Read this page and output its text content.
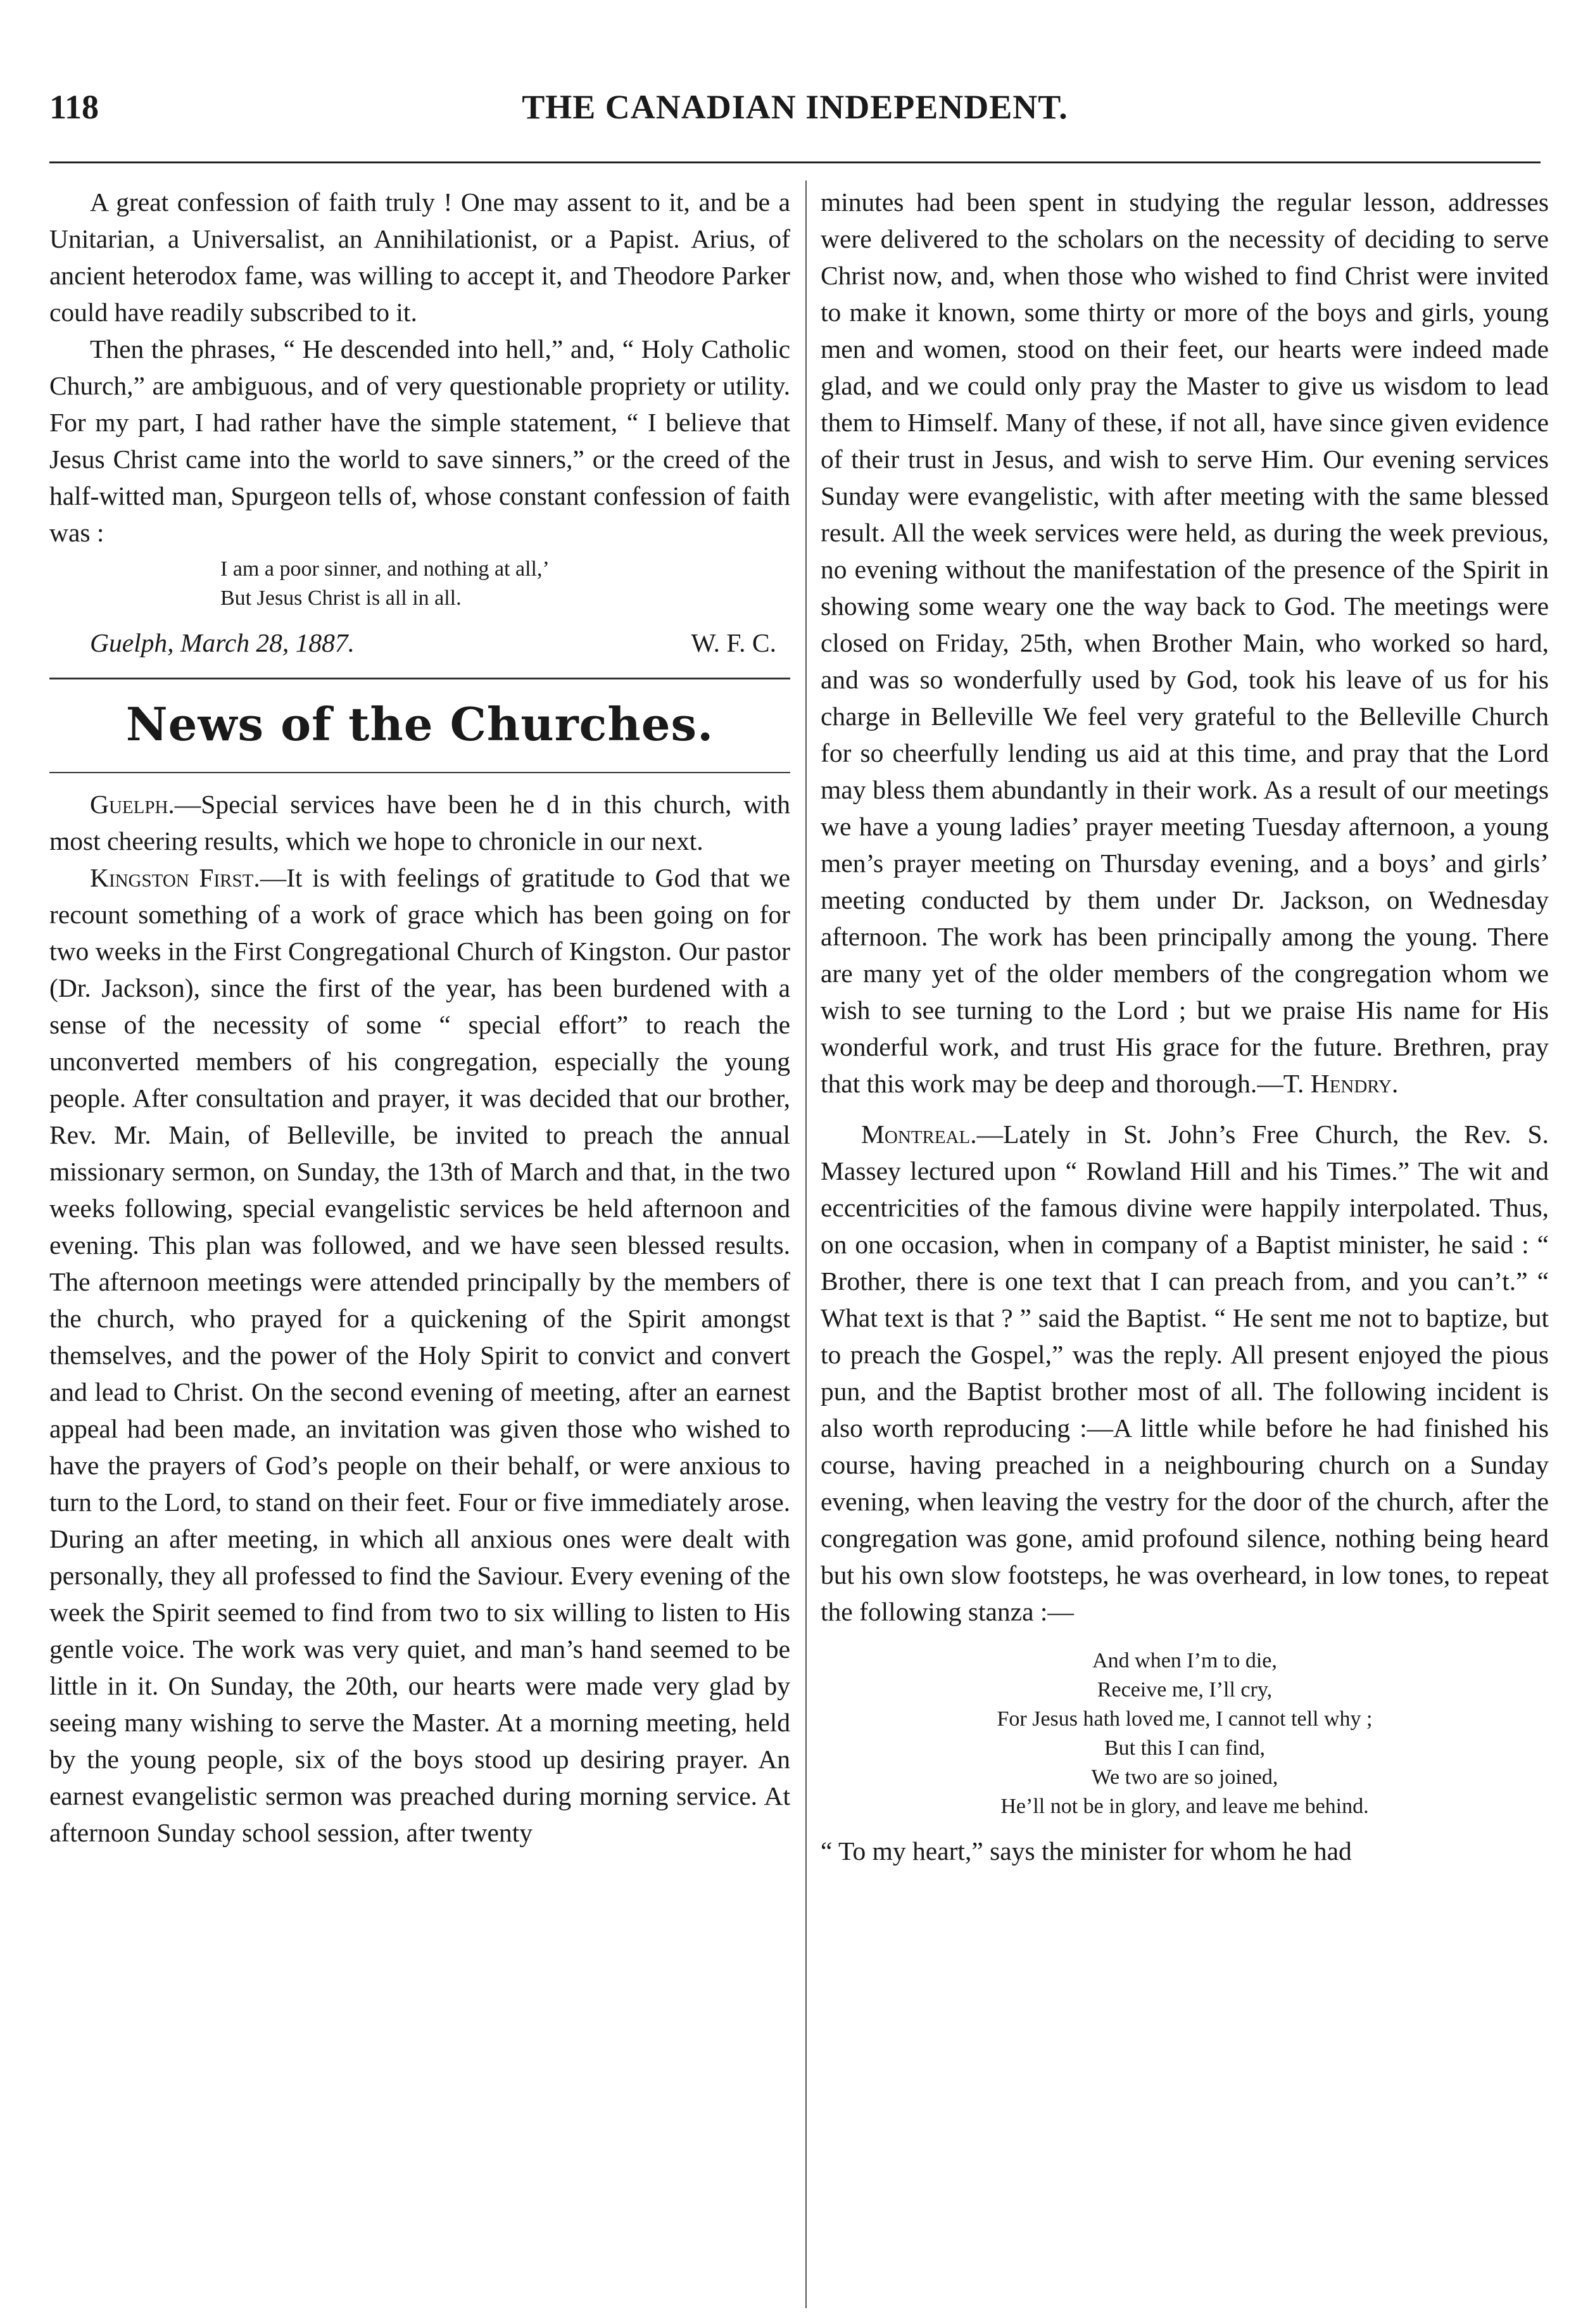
118	THE CANADIAN INDEPENDENT.

A great confession of faith truly ! One may assent to it, and be a Unitarian, a Universalist, an Annihilationist, or a Papist. Arius, of ancient heterodox fame, was willing to accept it, and Theodore Parker could have readily subscribed to it.

Then the phrases, “ He descended into hell,” and, “ Holy Catholic Church,” are ambiguous, and of very questionable propriety or utility. For my part, I had rather have the simple statement, “ I believe that Jesus Christ came into the world to save sinners,” or the creed of the half-witted man, Spurgeon tells of, whose constant confession of faith was :

I am a poor sinner, and nothing at all,’
But Jesus Christ is all in all.
Guelph, March 28, 1887.	W. F. C.
News of the Churches.

Guelph.—Special services have been he d in this church, with most cheering results, which we hope to chronicle in our next.

Kingston First.—It is with feelings of gratitude to God that we recount something of a work of grace which has been going on for two weeks in the First Congregational Church of Kingston. Our pastor (Dr. Jackson), since the first of the year, has been burdened with a sense of the necessity of some “ special effort” to reach the unconverted members of his congregation, especially the young people. After consultation and prayer, it was decided that our brother, Rev. Mr. Main, of Belleville, be invited to preach the annual missionary sermon, on Sunday, the 13th of March and that, in the two weeks following, special evangelistic services be held afternoon and evening. This plan was followed, and we have seen blessed results. The afternoon meetings were attended principally by the members of the church, who prayed for a quickening of the Spirit amongst themselves, and the power of the Holy Spirit to convict and convert and lead to Christ. On the second evening of meeting, after an earnest appeal had been made, an invitation was given those who wished to have the prayers of God’s people on their behalf, or were anxious to turn to the Lord, to stand on their feet. Four or five immediately arose. During an after meeting, in which all anxious ones were dealt with personally, they all professed to find the Saviour. Every evening of the week the Spirit seemed to find from two to six willing to listen to His gentle voice. The work was very quiet, and man’s hand seemed to be little in it. On Sunday, the 20th, our hearts were made very glad by seeing many wishing to serve the Master. At a morning meeting, held by the young people, six of the boys stood up desiring prayer. An earnest evangelistic sermon was preached during morning service. At afternoon Sunday school session, after twenty

minutes had been spent in studying the regular lesson, addresses were delivered to the scholars on the necessity of deciding to serve Christ now, and, when those who wished to find Christ were invited to make it known, some thirty or more of the boys and girls, young men and women, stood on their feet, our hearts were indeed made glad, and we could only pray the Master to give us wisdom to lead them to Himself. Many of these, if not all, have since given evidence of their trust in Jesus, and wish to serve Him. Our evening services Sunday were evangelistic, with after meeting with the same blessed result. All the week services were held, as during the week previous, no evening without the manifestation of the presence of the Spirit in showing some weary one the way back to God. The meetings were closed on Friday, 25th, when Brother Main, who worked so hard, and was so wonderfully used by God, took his leave of us for his charge in Belleville We feel very grateful to the Belleville Church for so cheerfully lending us aid at this time, and pray that the Lord may bless them abundantly in their work. As a result of our meetings we have a young ladies’ prayer meeting Tuesday afternoon, a young men’s prayer meeting on Thursday evening, and a boys’ and girls’ meeting conducted by them under Dr. Jackson, on Wednesday afternoon. The work has been principally among the young. There are many yet of the older members of the congregation whom we wish to see turning to the Lord ; but we praise His name for His wonderful work, and trust His grace for the future. Brethren, pray that this work may be deep and thorough.—T. Hendry.

Montreal.—Lately in St. John’s Free Church, the Rev. S. Massey lectured upon “ Rowland Hill and his Times.” The wit and eccentricities of the famous divine were happily interpolated. Thus, on one occasion, when in company of a Baptist minister, he said : “ Brother, there is one text that I can preach from, and you can’t.” “ What text is that ? ” said the Baptist. “ He sent me not to baptize, but to preach the Gospel,” was the reply. All present enjoyed the pious pun, and the Baptist brother most of all. The following incident is also worth reproducing :—A little while before he had finished his course, having preached in a neighbouring church on a Sunday evening, when leaving the vestry for the door of the church, after the congregation was gone, amid profound silence, nothing being heard but his own slow footsteps, he was overheard, in low tones, to repeat the following stanza :—

And when I’m to die,
Receive me, I’ll cry,
For Jesus hath loved me, I cannot tell why ;
But this I can find,
We two are so joined,
He’ll not be in glory, and leave me behind.

“ To my heart,” says the minister for whom he had
